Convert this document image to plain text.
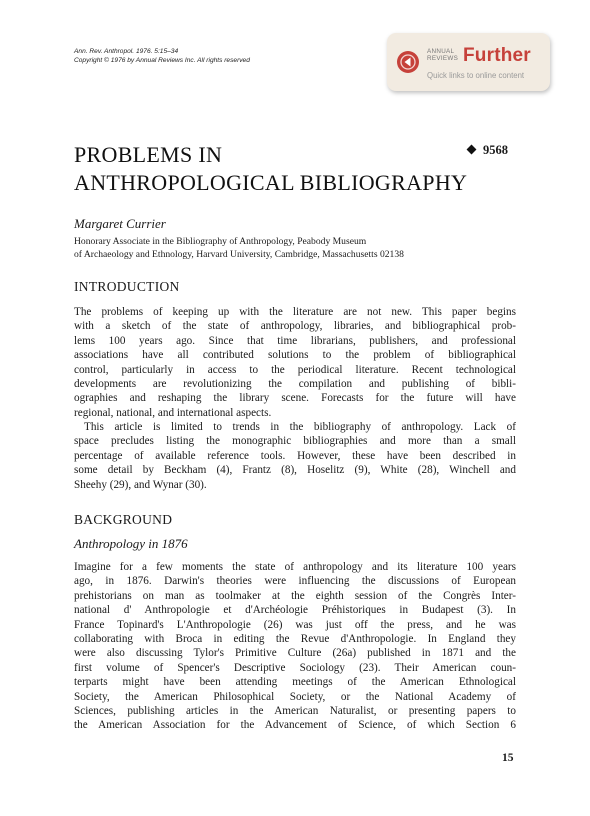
Ann. Rev. Anthropol. 1976. 5:15–34
Copyright © 1976 by Annual Reviews Inc. All rights reserved
ANNUAL
REVIEWS Further
Quick links to online content
PROBLEMS IN
ANTHROPOLOGICAL BIBLIOGRAPHY
9568
Margaret Currier
Honorary Associate in the Bibliography of Anthropology, Peabody Museum
of Archaeology and Ethnology, Harvard University, Cambridge, Massachusetts 02138
INTRODUCTION
The problems of keeping up with the literature are not new. This paper begins
with a sketch of the state of anthropology, libraries, and bibliographical prob-
lems 100 years ago. Since that time librarians, publishers, and professional
associations have all contributed solutions to the problem of bibliographical
control, particularly in access to the periodical literature. Recent technological
developments are revolutionizing the compilation and publishing of bibli-
ographies and reshaping the library scene. Forecasts for the future will have
regional, national, and international aspects.
This article is limited to trends in the bibliography of anthropology. Lack of
space precludes listing the monographic bibliographies and more than a small
percentage of available reference tools. However, these have been described in
some detail by Beckham (4), Frantz (8), Hoselitz (9), White (28), Winchell and
Sheehy (29), and Wynar (30).
BACKGROUND
Anthropology in 1876
Imagine for a few moments the state of anthropology and its literature 100 years
ago, in 1876. Darwin's theories were influencing the discussions of European
prehistorians on man as toolmaker at the eighth session of the Congrès Inter-
national d' Anthropologie et d'Archéologie Préhistoriques in Budapest (3). In
France Topinard's L'Anthropologie (26) was just off the press, and he was
collaborating with Broca in editing the Revue d'Anthropologie. In England they
were also discussing Tylor's Primitive Culture (26a) published in 1871 and the
first volume of Spencer's Descriptive Sociology (23). Their American coun-
terparts might have been attending meetings of the American Ethnological
Society, the American Philosophical Society, or the National Academy of
Sciences, publishing articles in the American Naturalist, or presenting papers to
the American Association for the Advancement of Science, of which Section 6
15
